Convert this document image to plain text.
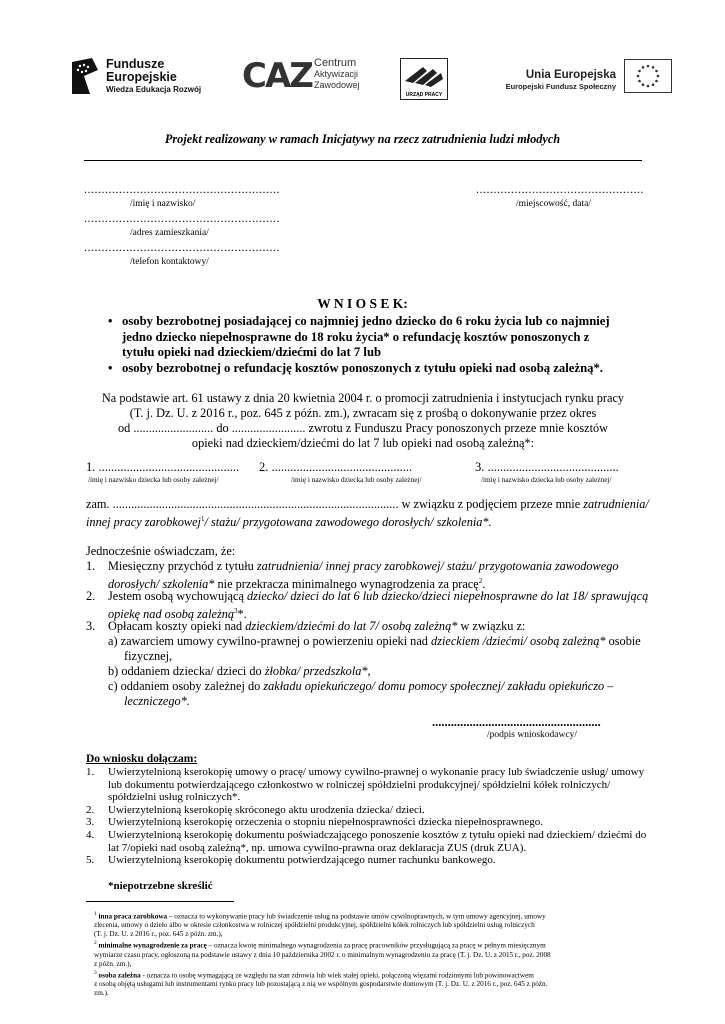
Fundusze
Europejskie
Wiedza Edukacja Rozwój CAZ Centrum
Aktywizacji
Zawodowej
URZĄD PRACY
Unia Europejska
Europejski Fundusz Społeczny
Projekt realizowany w ramach Inicjatywy na rzecz zatrudnienia ludzi młodych
........................................................
/imię i nazwisko/
................................................
/miejscowość, data/
........................................................
/adres zamieszkania/
........................................................
/telefon kontaktowy/
W N I O S E K:
• osoby bezrobotnej posiadającej co najmniej jedno dziecko do 6 roku życia lub co najmniej jedno dziecko niepełnosprawne do 18 roku życia* o refundację kosztów ponoszonych z tytułu opieki nad dzieckiem/dziećmi do lat 7 lub
• osoby bezrobotnej o refundację kosztów ponoszonych z tytułu opieki nad osobą zależną*.
Na podstawie art. 61 ustawy z dnia 20 kwietnia 2004 r. o promocji zatrudnienia i instytucjach rynku pracy
(T. j. Dz. U. z 2016 r., poz. 645 z późn. zm.), zwracam się z prośbą o dokonywanie przez okres
od .......................... do ........................ zwrotu z Funduszu Pracy ponoszonych przeze mnie kosztów
opieki nad dzieckiem/dziećmi do lat 7 lub opieki nad osobą zależną*:
1. .............................................
/imię i nazwisko dziecka lub osoby zależnej/
2. .............................................
/imię i nazwisko dziecka lub osoby zależnej/
3. ..........................................
/imię i nazwisko dziecka lub osoby zależnej/
zam. ............................................................................................. w związku z podjęciem przeze mnie zatrudnienia/
innej pracy zarobkowej$^1$/ stażu/ przygotowana zawodowego dorosłych/ szkolenia*.
Jednocześnie oświadczam, że:
1. Miesięczny przychód z tytułu zatrudnienia/ innej pracy zarobkowej/ stażu/ przygotowania zawodowego
dorosłych/ szkolenia* nie przekracza minimalnego wynagrodzenia za pracę$^2$.
2. Jestem osobą wychowującą dziecko/ dzieci do lat 6 lub dziecko/dzieci niepełnosprawne do lat 18/ sprawującą
opiekę nad osobą zależną$^3$*.
3. Opłacam koszty opieki nad dzieckiem/dziećmi do lat 7/ osobą zależną* w związku z:
a) zawarciem umowy cywilno-prawnej o powierzeniu opieki nad dzieckiem /dziećmi/ osobą zależną* osobie
fizycznej,
b) oddaniem dziecka/ dzieci do żłobka/ przedszkola*,
c) oddaniem osoby zależnej do zakładu opiekuńczego/ domu pomocy społecznej/ zakładu opiekuńczo –
leczniczego*.
......................................................
/podpis wnioskodawcy/
Do wniosku dołączam:
1. Uwierzytelnioną kserokopię umowy o pracę/ umowy cywilno-prawnej o wykonanie pracy lub świadczenie usług/ umowy
lub dokumentu potwierdzającego członkostwo w rolniczej spółdzielni produkcyjnej/ spółdzielni kółek rolniczych/
spółdzielni usług rolniczych*.
2. Uwierzytelnioną kserokopię skróconego aktu urodzenia dziecka/ dzieci.
3. Uwierzytelnioną kserokopię orzeczenia o stopniu niepełnosprawności dziecka niepełnosprawnego.
4. Uwierzytelnioną kserokopię dokumentu poświadczającego ponoszenie kosztów z tytułu opieki nad dzieckiem/ dziećmi do
lat 7/opieki nad osobą zależną*, np. umowa cywilno-prawna oraz deklaracja ZUS (druk ZUA).
5. Uwierzytelnioną kserokopię dokumentu potwierdzającego numer rachunku bankowego.
*niepotrzebne skreślić
$^1$ inna praca zarobkowa – oznacza to wykonywanie pracy lub świadczenie usług na podstawie umów cywilnoprawnych, w tym umowy agencyjnej, umowy
zlecenia, umowy o dzieło albo w okresie członkostwa w rolniczej spółdzielni produkcyjnej, spółdzielni kółek rolniczych lub spółdzielni usług rolniczych
(T. j. Dz. U. z 2016 r., poz. 645 z późn. zm.),
$^2$ minimalne wynagrodzenie za pracę – oznacza kwotę minimalnego wynagrodzenia za pracę pracowników przysługującą za pracę w pełnym miesięcznym
wymiarze czasu pracy, ogłoszoną na podstawie ustawy z dnia 10 października 2002 r. o minimalnym wynagrodzeniu za pracę (T. j. Dz. U. z 2015 r., poz. 2008
z późn. zm.),
$^3$ osoba zależna - oznacza to osobę wymagającą ze względu na stan zdrowia lub wiek stałej opieki, połączoną więzami rodzinnymi lub powinowactwem
z osobą objętą usługami lub instrumentami rynku pracy lub pozostającą z nią we wspólnym gospodarstwie domowym (T. j. Dz. U. z 2016 r., poz. 645 z późn.
zm.).
